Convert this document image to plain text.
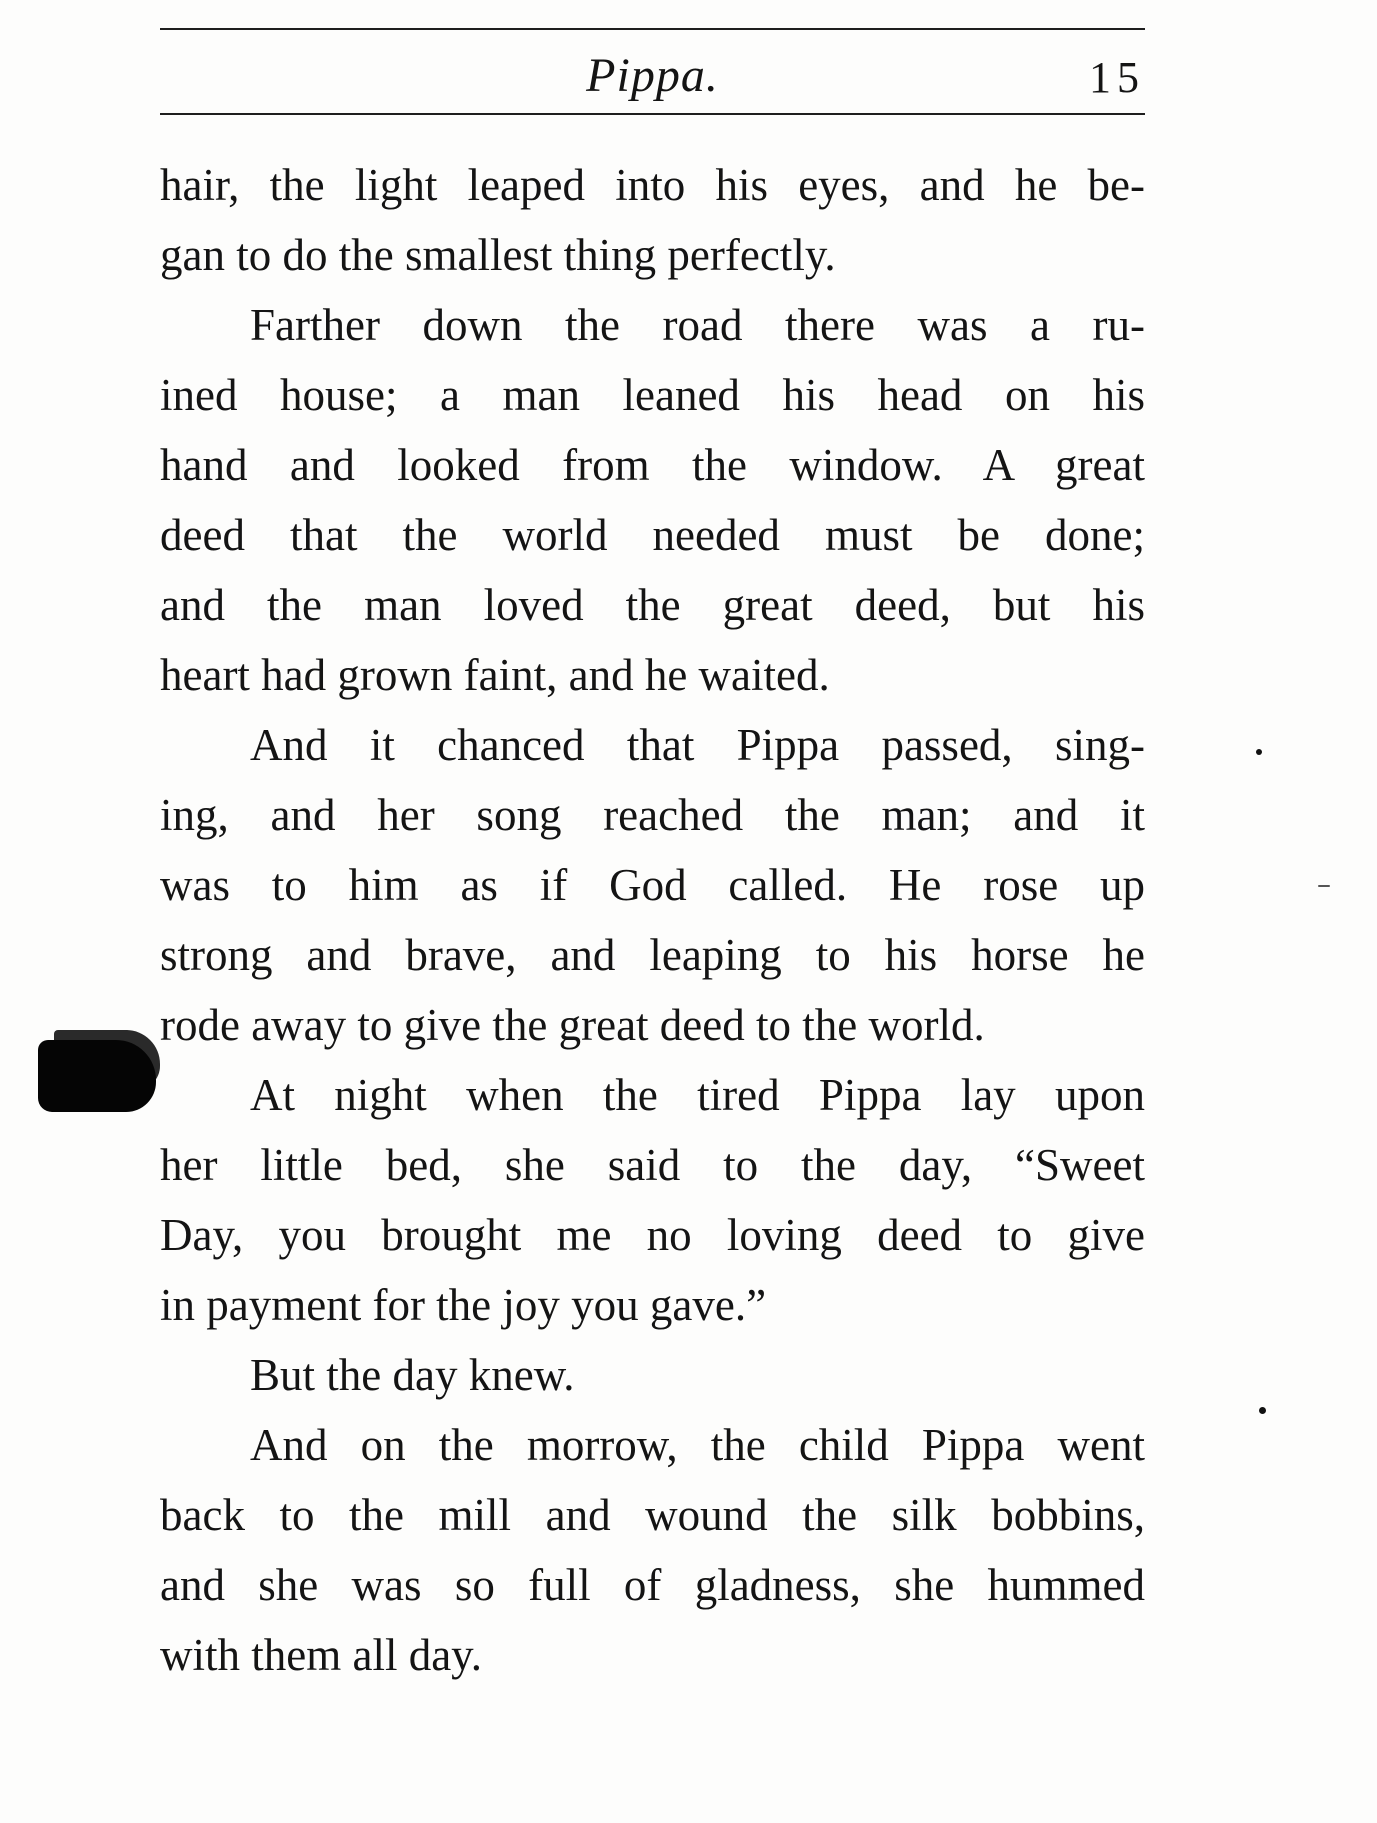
Pippa.	15

hair, the light leaped into his eyes, and he be-
gan to do the smallest thing perfectly.

Farther down the road there was a ru-
ined house; a man leaned his head on his
hand and looked from the window. A great
deed that the world needed must be done;
and the man loved the great deed, but his
heart had grown faint, and he waited.

And it chanced that Pippa passed, sing-
ing, and her song reached the man; and it
was to him as if God called. He rose up
strong and brave, and leaping to his horse he
rode away to give the great deed to the world.

At night when the tired Pippa lay upon
her little bed, she said to the day, “Sweet
Day, you brought me no loving deed to give
in payment for the joy you gave.”

But the day knew.

And on the morrow, the child Pippa went
back to the mill and wound the silk bobbins,
and she was so full of gladness, she hummed
with them all day.
